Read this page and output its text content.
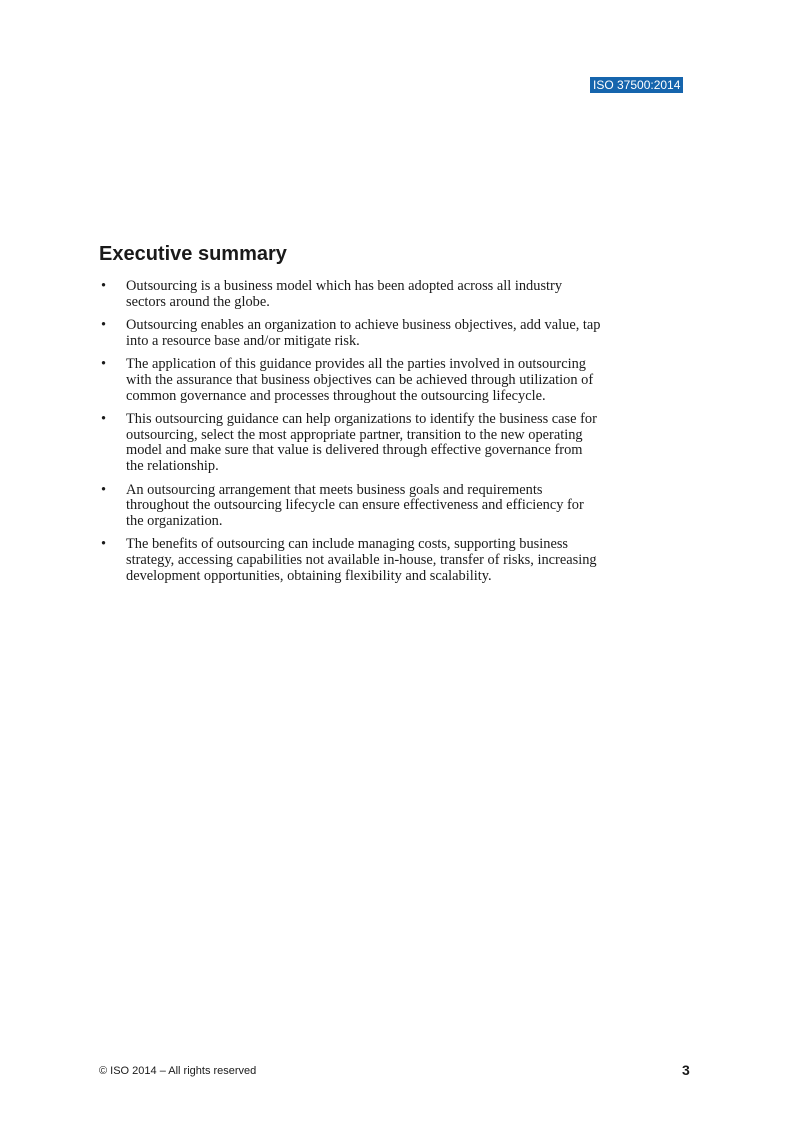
ISO 37500:2014
Executive summary
• Outsourcing is a business model which has been adopted across all industry
sectors around the globe.
• Outsourcing enables an organization to achieve business objectives, add value, tap
into a resource base and/or mitigate risk.
• The application of this guidance provides all the parties involved in outsourcing
with the assurance that business objectives can be achieved through utilization of
common governance and processes throughout the outsourcing lifecycle.
• This outsourcing guidance can help organizations to identify the business case for
outsourcing, select the most appropriate partner, transition to the new operating
model and make sure that value is delivered through effective governance from
the relationship.
• An outsourcing arrangement that meets business goals and requirements
throughout the outsourcing lifecycle can ensure effectiveness and efficiency for
the organization.
• The benefits of outsourcing can include managing costs, supporting business
strategy, accessing capabilities not available in-house, transfer of risks, increasing
development opportunities, obtaining flexibility and scalability.
© ISO 2014 – All rights reserved	3
